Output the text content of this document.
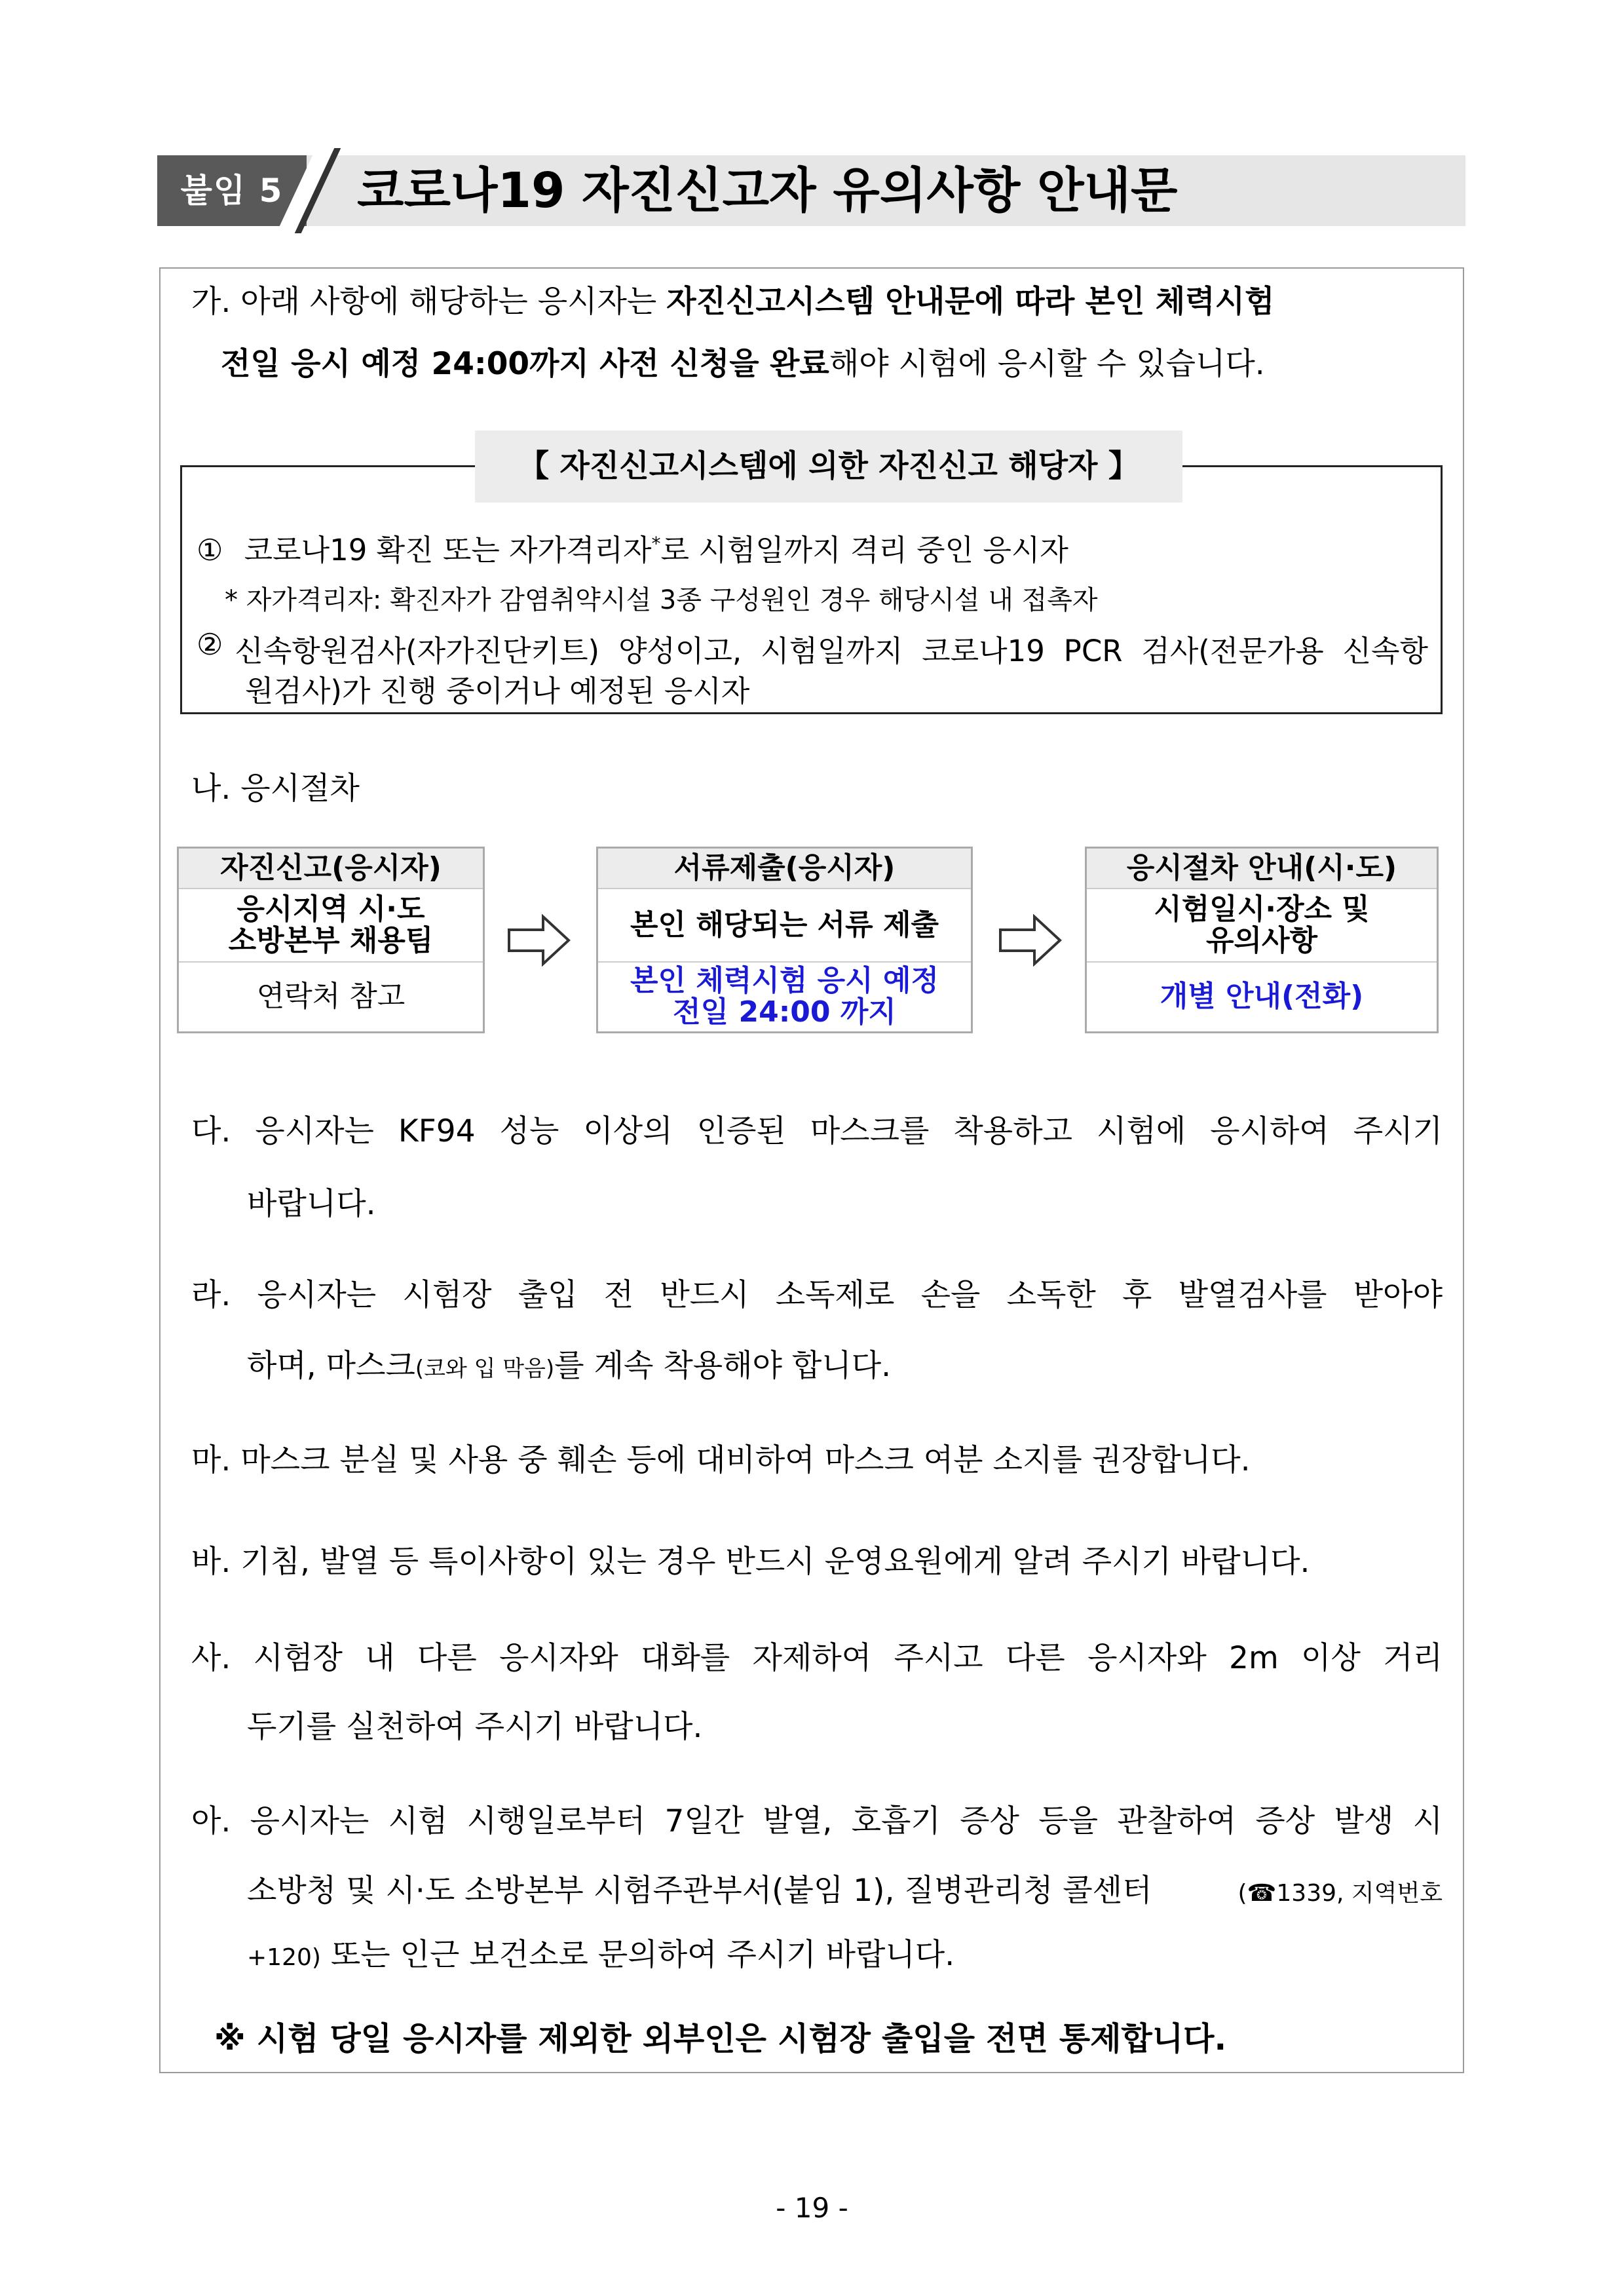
붙임 5	코로나19 자진신고자 유의사항 안내문
가. 아래 사항에 해당하는 응시자는 자진신고시스템 안내문에 따라 본인 체력시험
전일 응시 예정 24:00까지 사전 신청을 완료해야 시험에 응시할 수 있습니다.
【 자진신고시스템에 의한 자진신고 해당자 】
① 코로나19 확진 또는 자가격리자*로 시험일까지 격리 중인 응시자
* 자가격리자: 확진자가 감염취약시설 3종 구성원인 경우 해당시설 내 접촉자
② 신속항원검사(자가진단키트) 양성이고, 시험일까지 코로나19 PCR 검사(전문가용 신속항
원검사)가 진행 중이거나 예정된 응시자
나. 응시절차
자진신고(응시자)
응시지역 시·도
소방본부 채용팀
연락처 참고
서류제출(응시자)
본인 해당되는 서류 제출
본인 체력시험 응시 예정
전일 24:00 까지
응시절차 안내(시·도)
시험일시·장소 및
유의사항
개별 안내(전화)
다. 응시자는 KF94 성능 이상의 인증된 마스크를 착용하고 시험에 응시하여 주시기
바랍니다.
라. 응시자는 시험장 출입 전 반드시 소독제로 손을 소독한 후 발열검사를 받아야
하며, 마스크(코와 입 막음)를 계속 착용해야 합니다.
마. 마스크 분실 및 사용 중 훼손 등에 대비하여 마스크 여분 소지를 권장합니다.
바. 기침, 발열 등 특이사항이 있는 경우 반드시 운영요원에게 알려 주시기 바랍니다.
사. 시험장 내 다른 응시자와 대화를 자제하여 주시고 다른 응시자와 2m 이상 거리
두기를 실천하여 주시기 바랍니다.
아. 응시자는 시험 시행일로부터 7일간 발열, 호흡기 증상 등을 관찰하여 증상 발생 시
소방청 및 시·도 소방본부 시험주관부서(붙임 1), 질병관리청 콜센터	(☎1339, 지역번호
+120) 또는 인근 보건소로 문의하여 주시기 바랍니다.
※ 시험 당일 응시자를 제외한 외부인은 시험장 출입을 전면 통제합니다.
- 19 -
